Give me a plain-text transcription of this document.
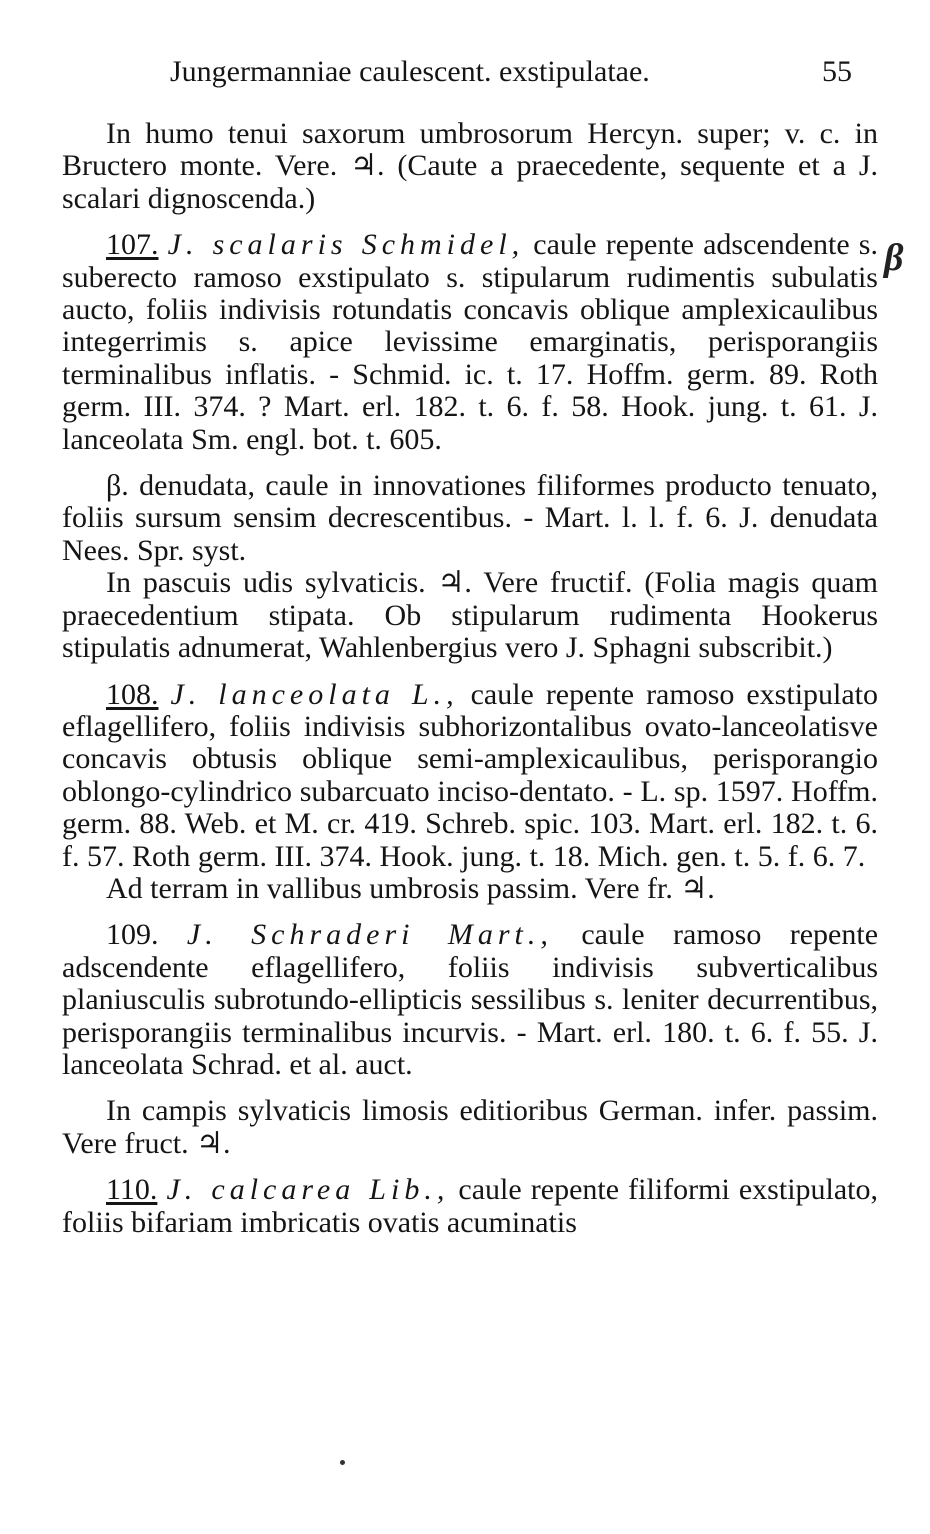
Jungermanniae caulescent. exstipulatae.	55
β

In humo tenui saxorum umbrosorum Hercyn. super; v. c. in Bructero monte. Vere. ♃. (Caute a praecedente, sequente et a J. scalari dignoscenda.)

107. J. scalaris Schmidel, caule repente adscendente s. suberecto ramoso exstipulato s. stipularum rudimentis subulatis aucto, foliis indivisis rotundatis concavis oblique amplexicaulibus integerrimis s. apice levissime emarginatis, perisporangiis terminalibus inflatis. - Schmid. ic. t. 17. Hoffm. germ. 89. Roth germ. III. 374. ? Mart. erl. 182. t. 6. f. 58. Hook. jung. t. 61. J. lanceolata Sm. engl. bot. t. 605.

β. denudata, caule in innovationes filiformes producto tenuato, foliis sursum sensim decrescentibus. - Mart. l. l. f. 6. J. denudata Nees. Spr. syst.

In pascuis udis sylvaticis. ♃. Vere fructif. (Folia magis quam praecedentium stipata. Ob stipularum rudimenta Hookerus stipulatis adnumerat, Wahlenbergius vero J. Sphagni subscribit.)

108. J. lanceolata L., caule repente ramoso exstipulato eflagellifero, foliis indivisis subhorizontalibus ovato-lanceolatisve concavis obtusis oblique semi-amplexicaulibus, perisporangio oblongo-cylindrico subarcuato inciso-dentato. - L. sp. 1597. Hoffm. germ. 88. Web. et M. cr. 419. Schreb. spic. 103. Mart. erl. 182. t. 6. f. 57. Roth germ. III. 374. Hook. jung. t. 18. Mich. gen. t. 5. f. 6. 7.

Ad terram in vallibus umbrosis passim. Vere fr. ♃.

109. J. Schraderi Mart., caule ramoso repente adscendente eflagellifero, foliis indivisis subverticalibus planiusculis subrotundo-ellipticis sessilibus s. leniter decurrentibus, perisporangiis terminalibus incurvis. - Mart. erl. 180. t. 6. f. 55. J. lanceolata Schrad. et al. auct.

In campis sylvaticis limosis editioribus German. infer. passim. Vere fruct. ♃.

110. J. calcarea Lib., caule repente filiformi exstipulato, foliis bifariam imbricatis ovatis acuminatis
